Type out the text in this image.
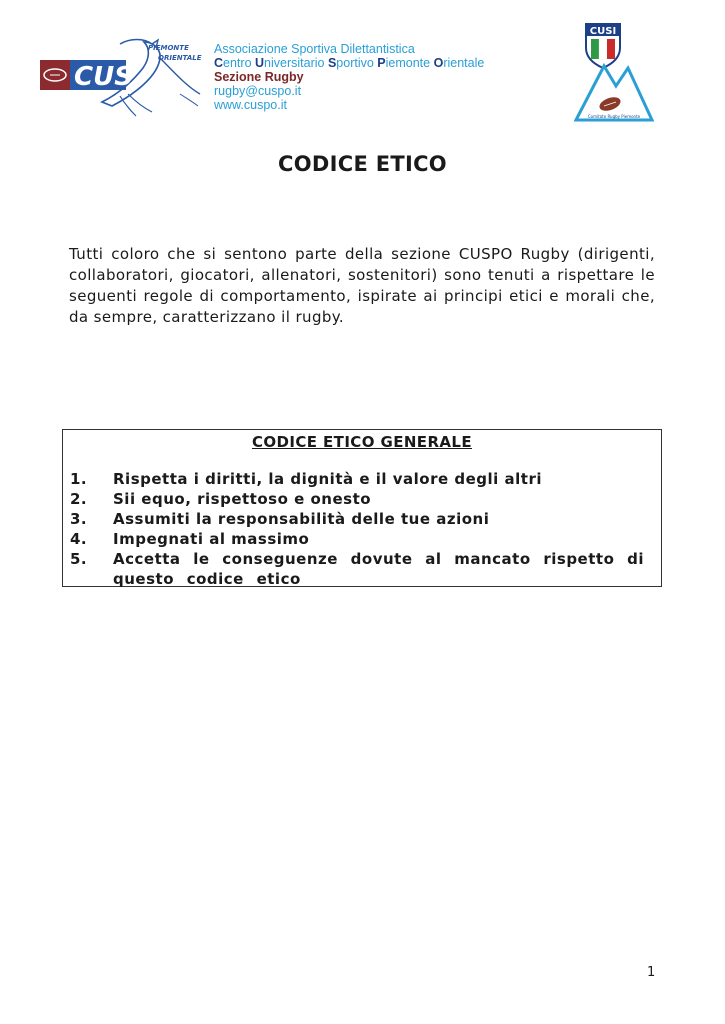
PIEMONTE
ORIENTALE
CUS
Associazione Sportiva Dilettantistica
Centro Universitario Sportivo Piemonte Orientale
Sezione Rugby
rugby@cuspo.it
www.cuspo.it
CUSI
Comitato Rugby Piemonte
CODICE ETICO
Tutti coloro che si sentono parte della sezione CUSPO Rugby (dirigenti, collaboratori, giocatori, allenatori, sostenitori) sono tenuti a rispettare le seguenti regole di comportamento, ispirate ai principi etici e morali che, da sempre, caratterizzano il rugby.
CODICE ETICO GENERALE
1.	Rispetta i diritti, la dignità e il valore degli altri
2.	Sii equo, rispettoso e onesto
3.	Assumiti la responsabilità delle tue azioni
4.	Impegnati al massimo
5.	Accetta le conseguenze dovute al mancato rispetto di questo codice etico
1
